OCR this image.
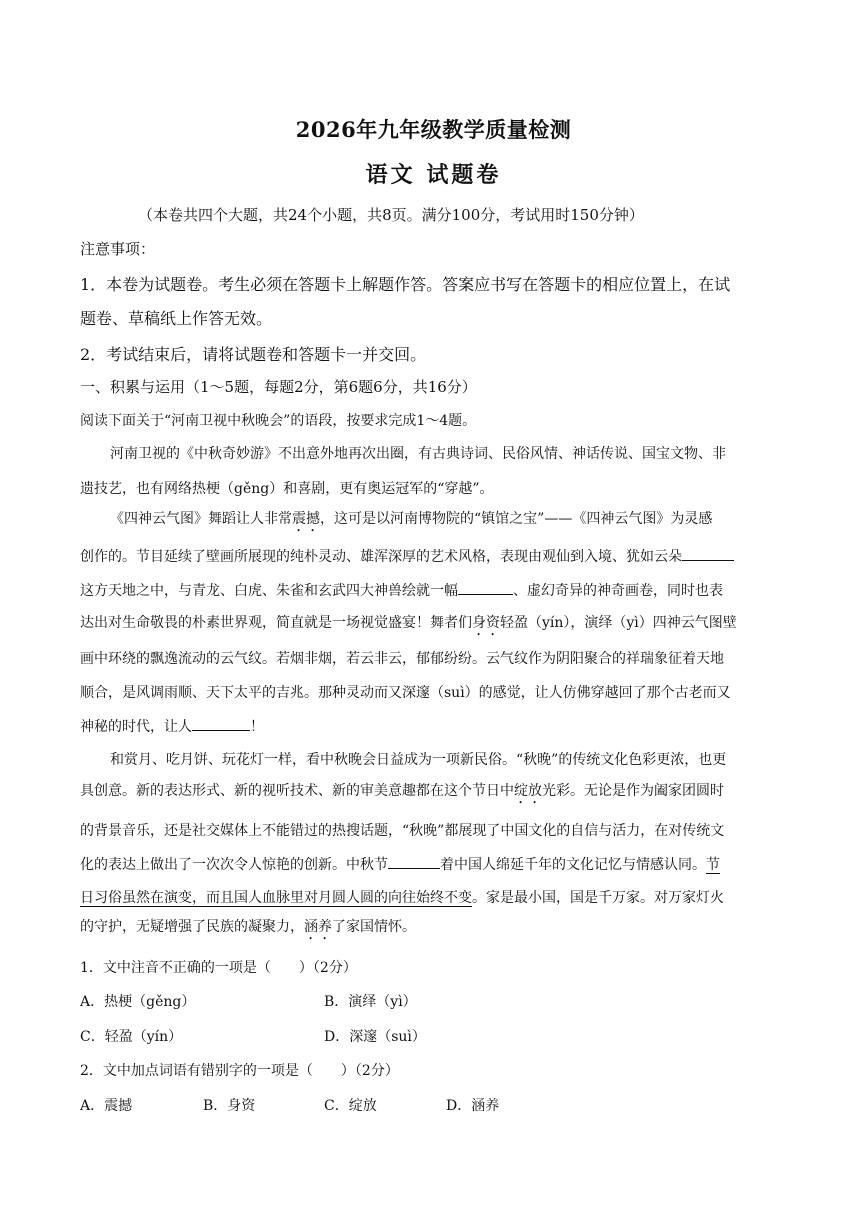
2026年九年级教学质量检测
语文 试题卷
（本卷共四个大题，共24个小题，共8页。满分100分，考试用时150分钟）
注意事项：
1．本卷为试题卷。考生必须在答题卡上解题作答。答案应书写在答题卡的相应位置上，在试
题卷、草稿纸上作答无效。
2．考试结束后，请将试题卷和答题卡一并交回。
一、积累与运用（1～5题，每题2分，第6题6分，共16分）
阅读下面关于“河南卫视中秋晚会”的语段，按要求完成1～4题。
河南卫视的《中秋奇妙游》不出意外地再次出圈，有古典诗词、民俗风情、神话传说、国宝文物、非
遗技艺，也有网络热梗（gěng）和喜剧，更有奥运冠军的“穿越”。
《四神云气图》舞蹈让人非常震撼，这可是以河南博物院的“镇馆之宝”——《四神云气图》为灵感
创作的。节目延续了壁画所展现的纯朴灵动、雄浑深厚的艺术风格，表现由观仙到入境、犹如云朵
这方天地之中，与青龙、白虎、朱雀和玄武四大神兽绘就一幅	、虚幻奇异的神奇画卷，同时也表
达出对生命敬畏的朴素世界观，简直就是一场视觉盛宴！舞者们身资轻盈（yín），演绎（yì）四神云气图壁
画中环绕的飘逸流动的云气纹。若烟非烟，若云非云，郁郁纷纷。云气纹作为阴阳聚合的祥瑞象征着天地
顺合，是风调雨顺、天下太平的吉兆。那种灵动而又深邃（suì）的感觉，让人仿佛穿越回了那个古老而又
神秘的时代，让人	！
和赏月、吃月饼、玩花灯一样，看中秋晚会日益成为一项新民俗。“秋晚”的传统文化色彩更浓，也更
具创意。新的表达形式、新的视听技术、新的审美意趣都在这个节日中绽放光彩。无论是作为阖家团圆时
的背景音乐，还是社交媒体上不能错过的热搜话题，“秋晚”都展现了中国文化的自信与活力，在对传统文
化的表达上做出了一次次令人惊艳的创新。中秋节	着中国人绵延千年的文化记忆与情感认同。节
日习俗虽然在演变，而且国人血脉里对月圆人圆的向往始终不变。家是最小国，国是千万家。对万家灯火
的守护，无疑增强了民族的凝聚力，涵养了家国情怀。
1．文中注音不正确的一项是（　　）（2分）
A．热梗（gěng）	B．演绎（yì）
C．轻盈（yín）	D．深邃（suì）
2．文中加点词语有错别字的一项是（　　）（2分）
A．震撼	B．身资	C．绽放	D．涵养
